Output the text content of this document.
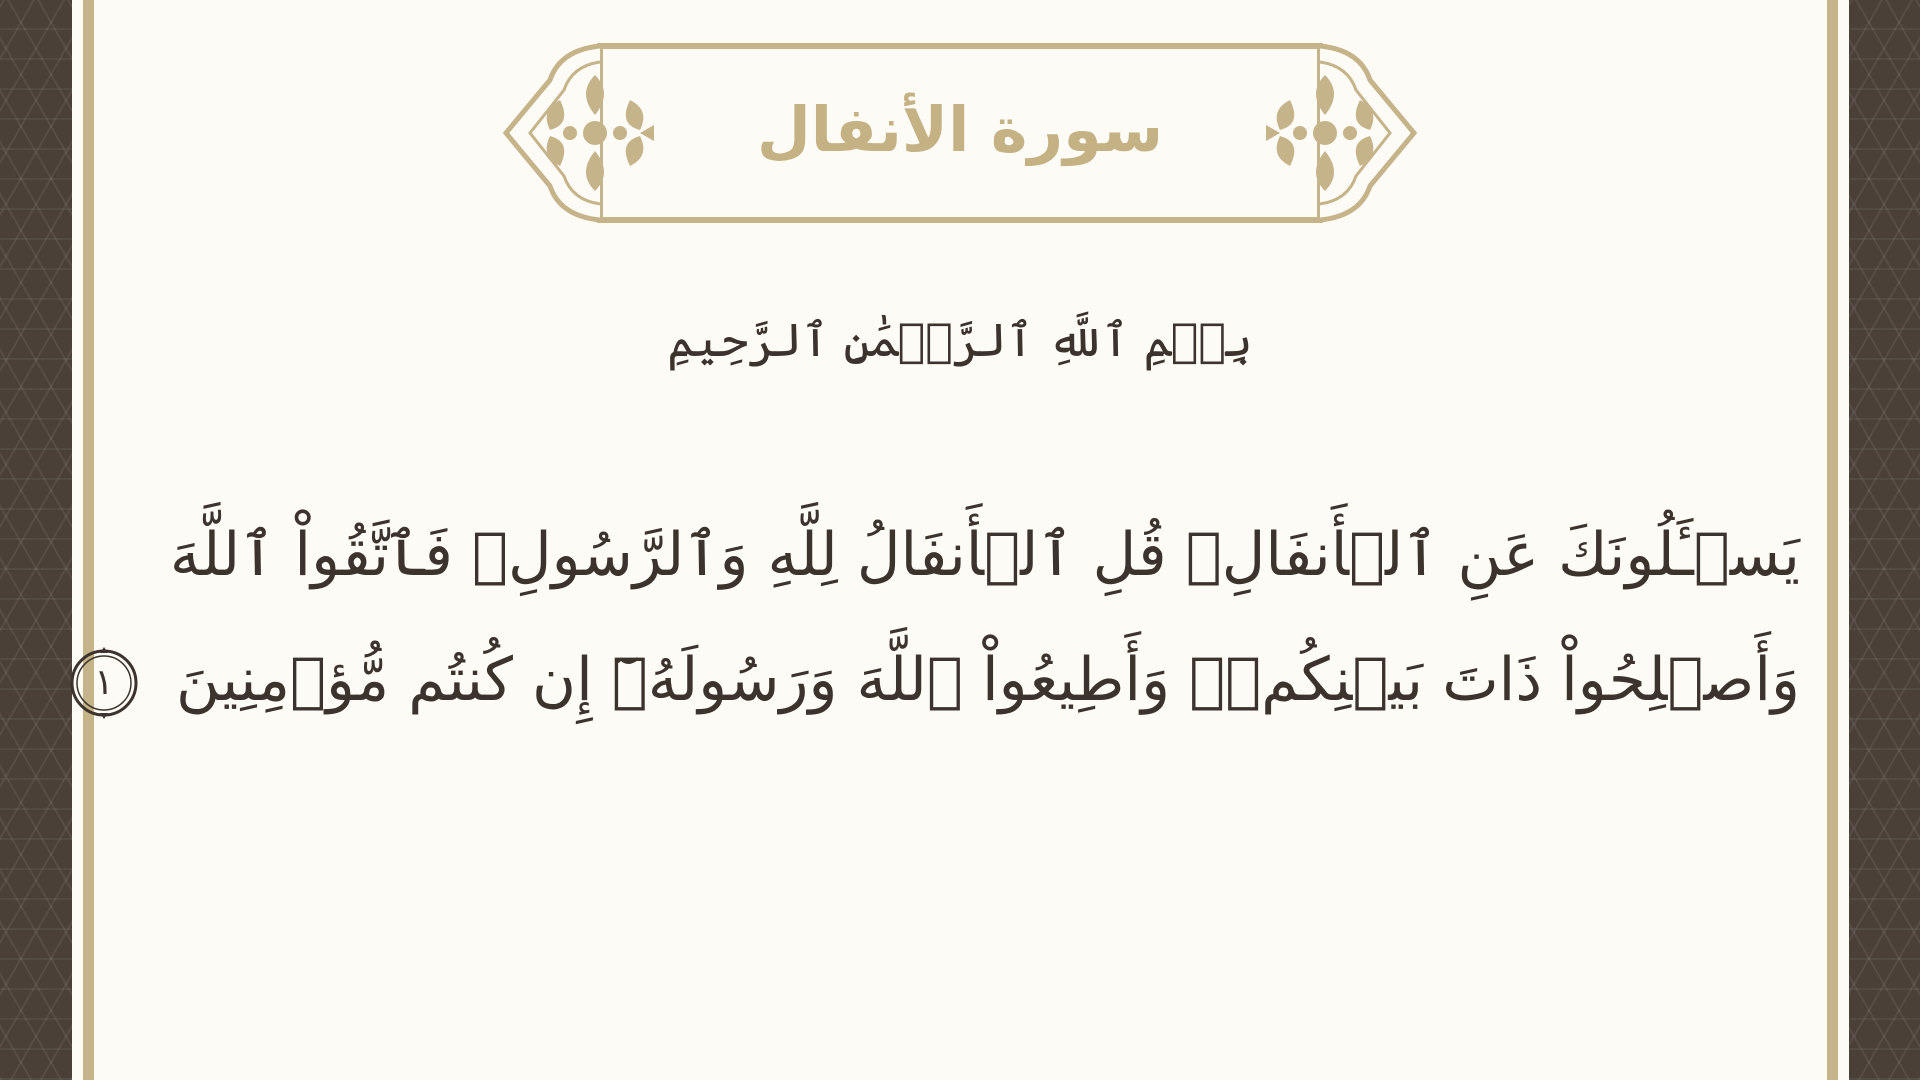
سورة الأنفال
بِسۡمِ ٱللَّهِ ٱلرَّحۡمَٰنِ ٱلرَّحِيمِ
يَسۡـَٔلُونَكَ عَنِ ٱلۡأَنفَالِۖ قُلِ ٱلۡأَنفَالُ لِلَّهِ وَٱلرَّسُولِۖ فَٱتَّقُواْ ٱللَّهَ
وَأَصۡلِحُواْ ذَاتَ بَيۡنِكُمۡۖ وَأَطِيعُواْ ٱللَّهَ وَرَسُولَهُۥٓ إِن كُنتُم مُّؤۡمِنِينَ
١
